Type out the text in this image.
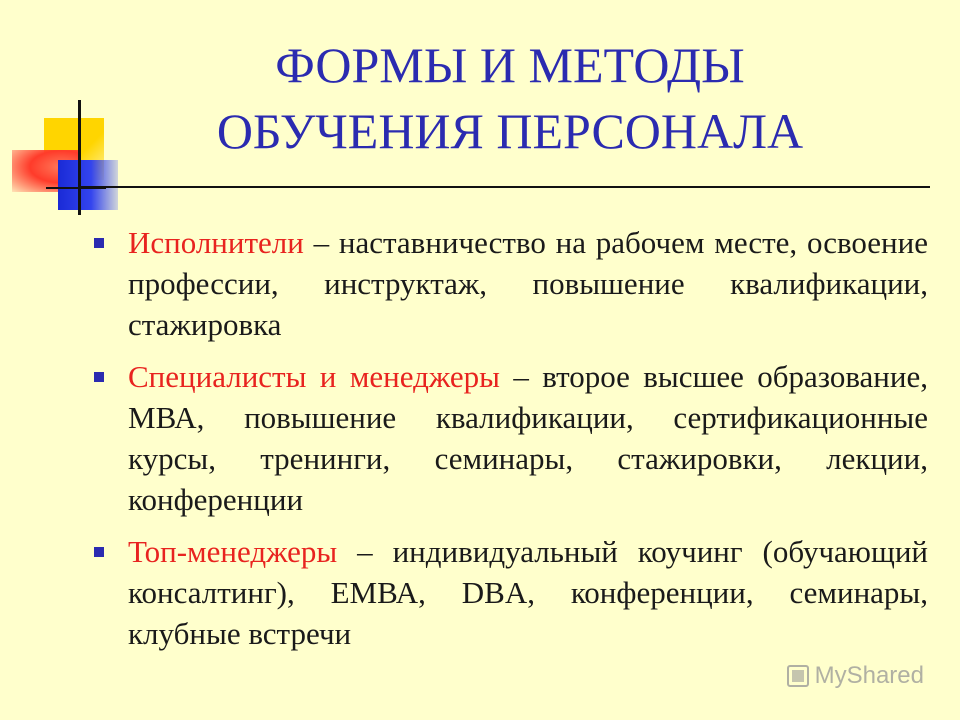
ФОРМЫ И МЕТОДЫ
ОБУЧЕНИЯ ПЕРСОНАЛА
Исполнители – наставничество на рабочем месте, освоение профессии, инструктаж, повышение квалификации, стажировка
Специалисты и менеджеры – второе высшее образование, МВА, повышение квалификации, сертификационные курсы, тренинги, семинары, стажировки, лекции, конференции
Топ-менеджеры – индивидуальный коучинг (обучающий консалтинг), ЕМВА, DBA, конференции, семинары, клубные встречи
MyShared
